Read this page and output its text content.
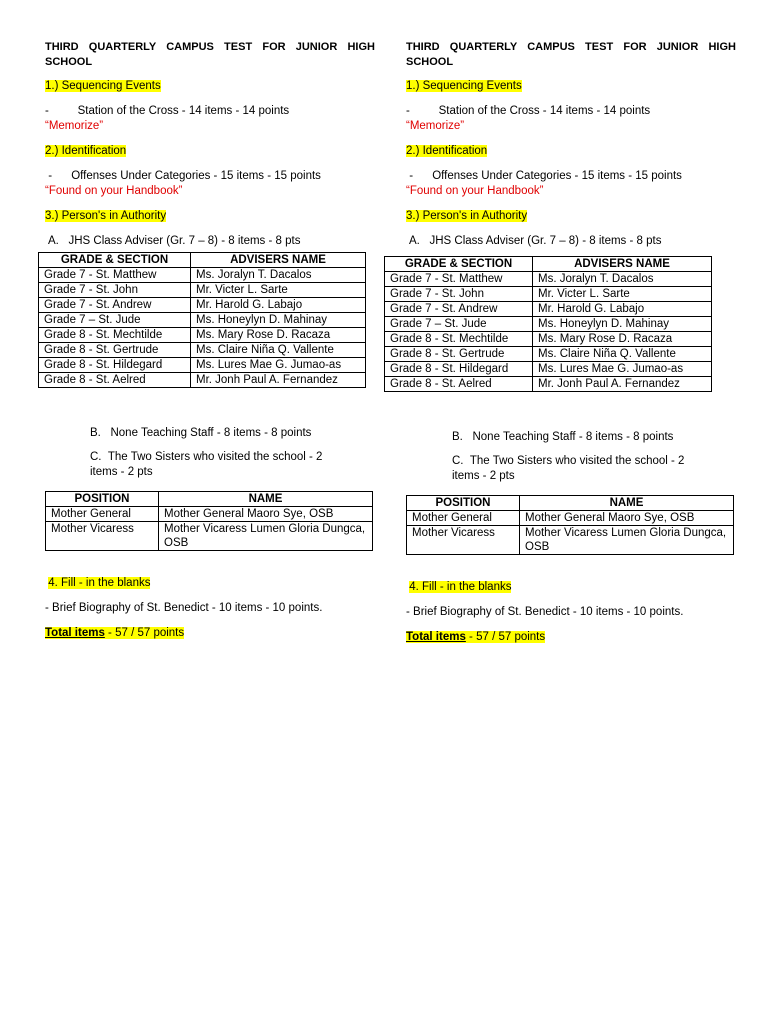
THIRD QUARTERLY CAMPUS TEST FOR JUNIOR HIGH SCHOOL

1.) Sequencing Events

-	Station of the Cross - 14 items - 14 points
“Memorize”

2.) Identification

- Offenses Under Categories - 15 items - 15 points
“Found on your Handbook”

3.) Person's in Authority

A. JHS Class Adviser (Gr. 7 – 8) - 8 items - 8 pts

GRADE & SECTION	ADVISERS NAME
Grade 7 - St. Matthew	Ms. Joralyn T. Dacalos
Grade 7 - St. John	Mr. Victer L. Sarte
Grade 7 - St. Andrew	Mr. Harold G. Labajo
Grade 7 – St. Jude	Ms. Honeylyn D. Mahinay
Grade 8 - St. Mechtilde	Ms. Mary Rose D. Racaza
Grade 8 - St. Gertrude	Ms. Claire Niña Q. Vallente
Grade 8 - St. Hildegard	Ms. Lures Mae G. Jumao-as
Grade 8 - St. Aelred	Mr. Jonh Paul A. Fernandez

B. None Teaching Staff - 8 items - 8 points

C. The Two Sisters who visited the school - 2 items - 2 pts

POSITION	NAME
Mother General	Mother General Maoro Sye, OSB
Mother Vicaress	Mother Vicaress Lumen Gloria Dungca, OSB

4. Fill - in the blanks

- Brief Biography of St. Benedict - 10 items - 10 points.

Total items - 57 / 57 points

THIRD QUARTERLY CAMPUS TEST FOR JUNIOR HIGH SCHOOL

1.) Sequencing Events

-	Station of the Cross - 14 items - 14 points
“Memorize”

2.) Identification

- Offenses Under Categories - 15 items - 15 points
“Found on your Handbook”

3.) Person's in Authority

A. JHS Class Adviser (Gr. 7 – 8) - 8 items - 8 pts

GRADE & SECTION	ADVISERS NAME
Grade 7 - St. Matthew	Ms. Joralyn T. Dacalos
Grade 7 - St. John	Mr. Victer L. Sarte
Grade 7 - St. Andrew	Mr. Harold G. Labajo
Grade 7 – St. Jude	Ms. Honeylyn D. Mahinay
Grade 8 - St. Mechtilde	Ms. Mary Rose D. Racaza
Grade 8 - St. Gertrude	Ms. Claire Niña Q. Vallente
Grade 8 - St. Hildegard	Ms. Lures Mae G. Jumao-as
Grade 8 - St. Aelred	Mr. Jonh Paul A. Fernandez

B. None Teaching Staff - 8 items - 8 points

C. The Two Sisters who visited the school - 2 items - 2 pts

POSITION	NAME
Mother General	Mother General Maoro Sye, OSB
Mother Vicaress	Mother Vicaress Lumen Gloria Dungca, OSB

4. Fill - in the blanks

- Brief Biography of St. Benedict - 10 items - 10 points.

Total items - 57 / 57 points
